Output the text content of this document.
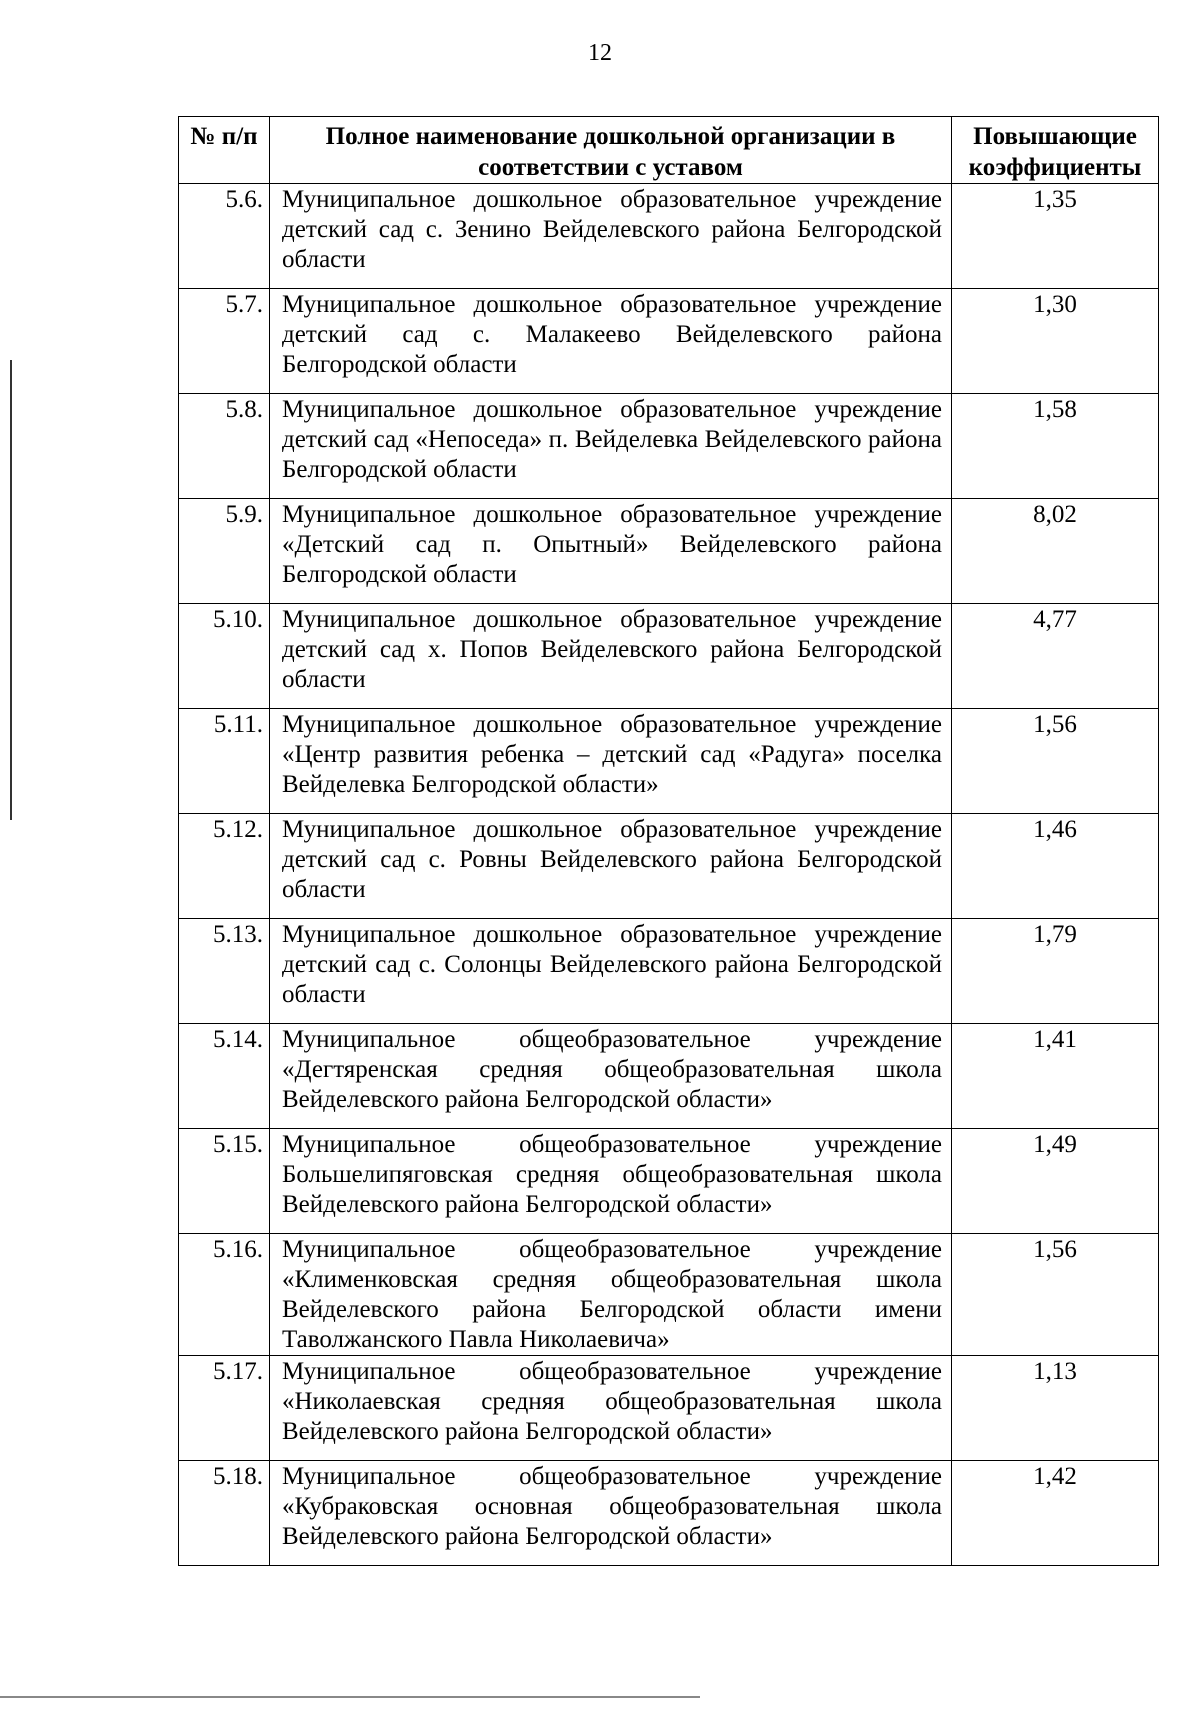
12
№ п/п	Полное наименование дошкольной организации в соответствии с уставом	Повышающие коэффициенты
5.6.	Муниципальное дошкольное образовательное учреждение детский сад с. Зенино Вейделевского района Белгородской области	1,35
5.7.	Муниципальное дошкольное образовательное учреждение детский сад с. Малакеево Вейделевского района Белгородской области	1,30
5.8.	Муниципальное дошкольное образовательное учреждение детский сад «Непоседа» п. Вейделевка Вейделевского района Белгородской области	1,58
5.9.	Муниципальное дошкольное образовательное учреждение «Детский сад п. Опытный» Вейделевского района Белгородской области	8,02
5.10.	Муниципальное дошкольное образовательное учреждение детский сад х. Попов Вейделевского района Белгородской области	4,77
5.11.	Муниципальное дошкольное образовательное учреждение «Центр развития ребенка – детский сад «Радуга» поселка Вейделевка Белгородской области»	1,56
5.12.	Муниципальное дошкольное образовательное учреждение детский сад с. Ровны Вейделевского района Белгородской области	1,46
5.13.	Муниципальное дошкольное образовательное учреждение детский сад с. Солонцы Вейделевского района Белгородской области	1,79
5.14.	Муниципальное общеобразовательное учреждение «Дегтяренская средняя общеобразовательная школа Вейделевского района Белгородской области»	1,41
5.15.	Муниципальное общеобразовательное учреждение Большелипяговская средняя общеобразовательная школа Вейделевского района Белгородской области»	1,49
5.16.	Муниципальное общеобразовательное учреждение «Клименковская средняя общеобразовательная школа Вейделевского района Белгородской области имени Таволжанского Павла Николаевича»	1,56
5.17.	Муниципальное общеобразовательное учреждение «Николаевская средняя общеобразовательная школа Вейделевского района Белгородской области»	1,13
5.18.	Муниципальное общеобразовательное учреждение «Кубраковская основная общеобразовательная школа Вейделевского района Белгородской области»	1,42
